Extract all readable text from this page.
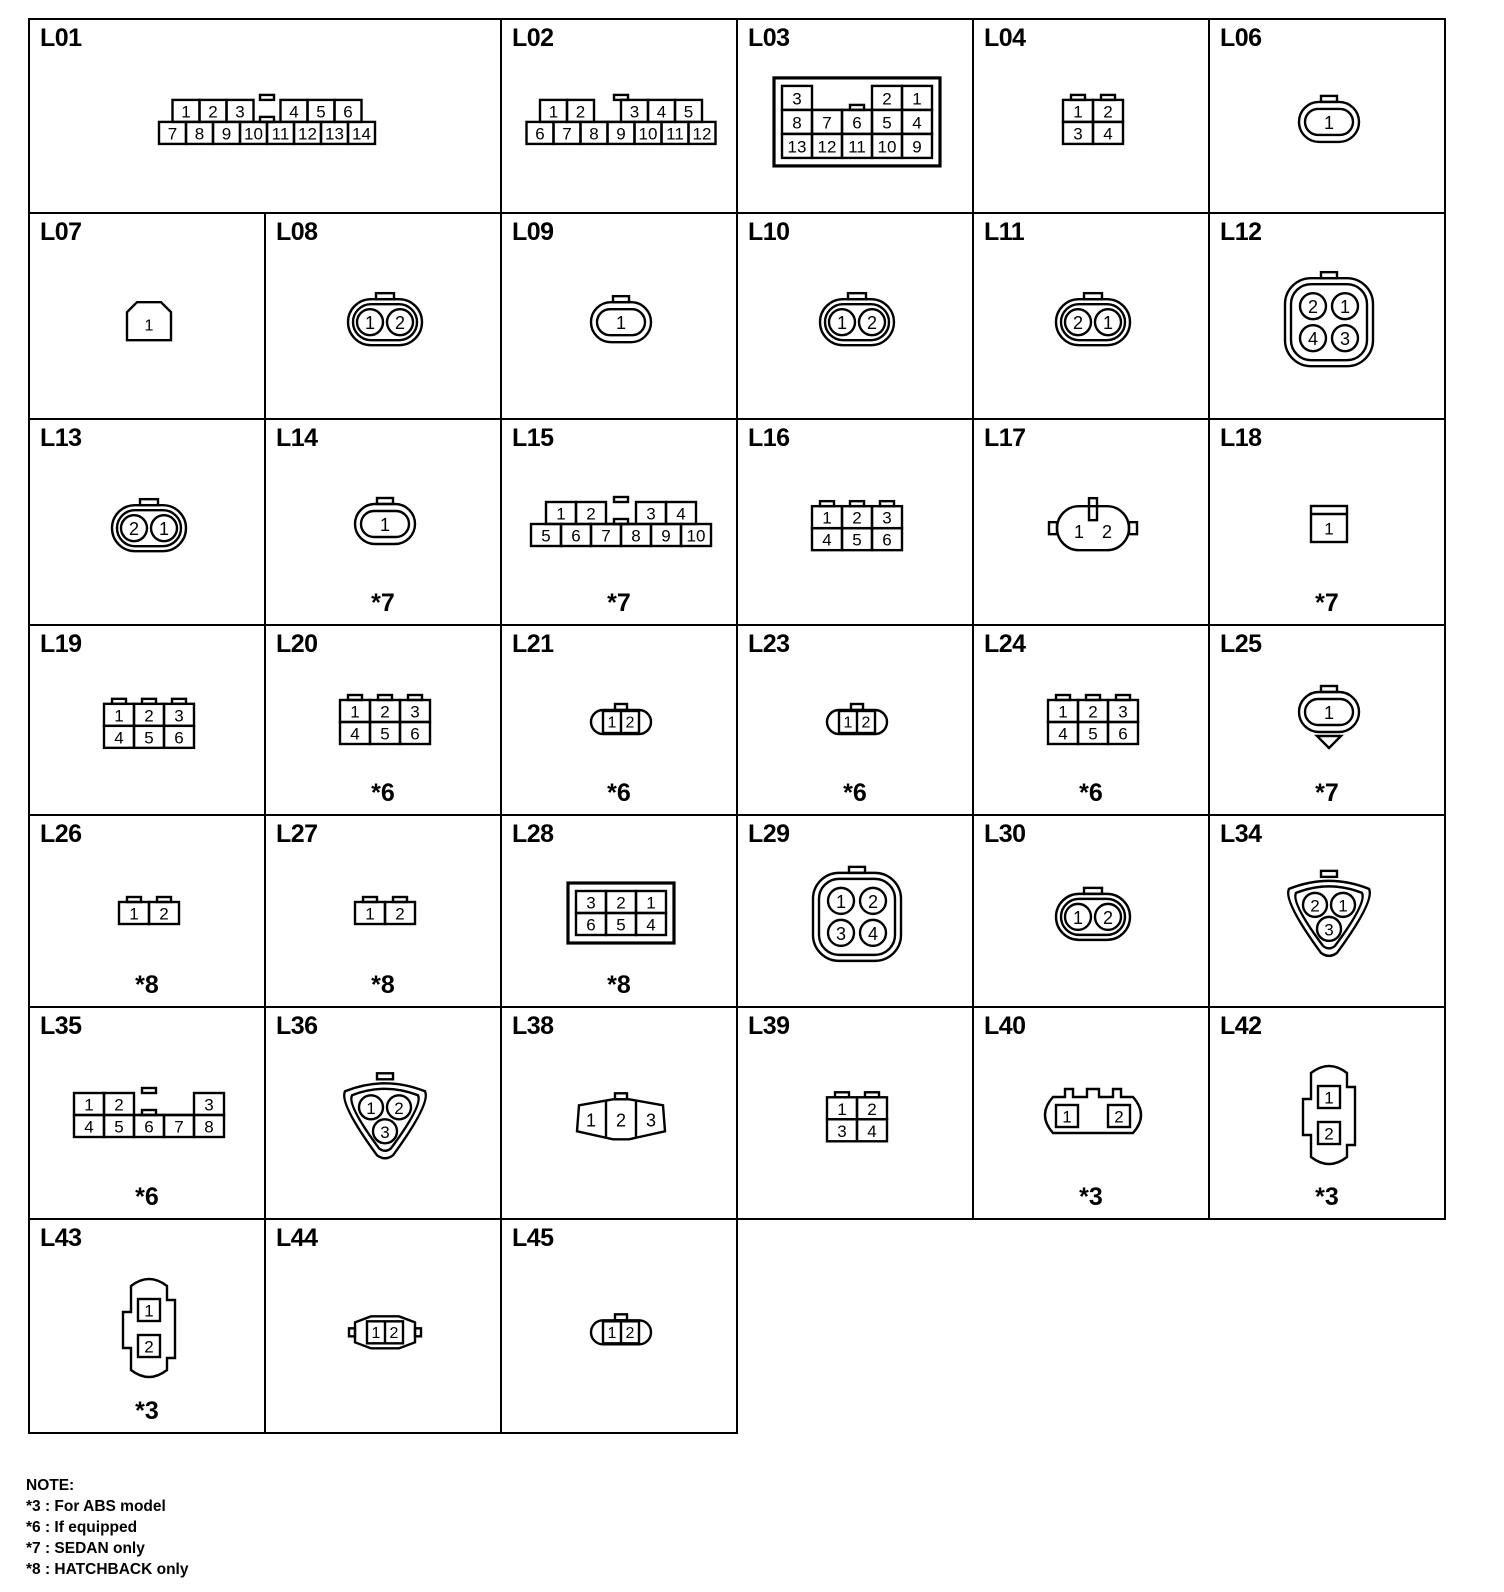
L01
1 2 3	4 5 6
7 8 9 10 11 12 13 14
L02
1 2	3 4 5
6 7 8 9 10 11 12
L03
3	2 1
8 7 6 5 4
13 12 11 10 9
L04
1 2
3 4
L06
1
L07
1
L08
1 2
L09
1
L10
1 2
L11
2 1
L12
2 1
4 3
L13
2 1
L14
1
*7
L15
1 2	3 4
5 6 7 8 9 10
*7
L16
1 2 3
4 5 6
L17
1 2
L18
1
*7
L19
1 2 3
4 5 6
L20
1 2 3
4 5 6
*6
L21
1 2
*6
L23
1 2
*6
L24
1 2 3
4 5 6
*6
L25
1
*7
L26
1 2
*8
L27
1 2
*8
L28
3 2 1
6 5 4
*8
L29
1 2
3 4
L30
1 2
L34
2 1
3
L35
1 2	3
4 5 6 7 8
*6
L36
1 2
3
L38
1 2 3
L39
1 2
3 4
L40
1	2
*3
L42
1
2
*3
L43
1
2
*3
L44
1 2
L45
1 2
NOTE:
*3 : For ABS model
*6 : If equipped
*7 : SEDAN only
*8 : HATCHBACK only
